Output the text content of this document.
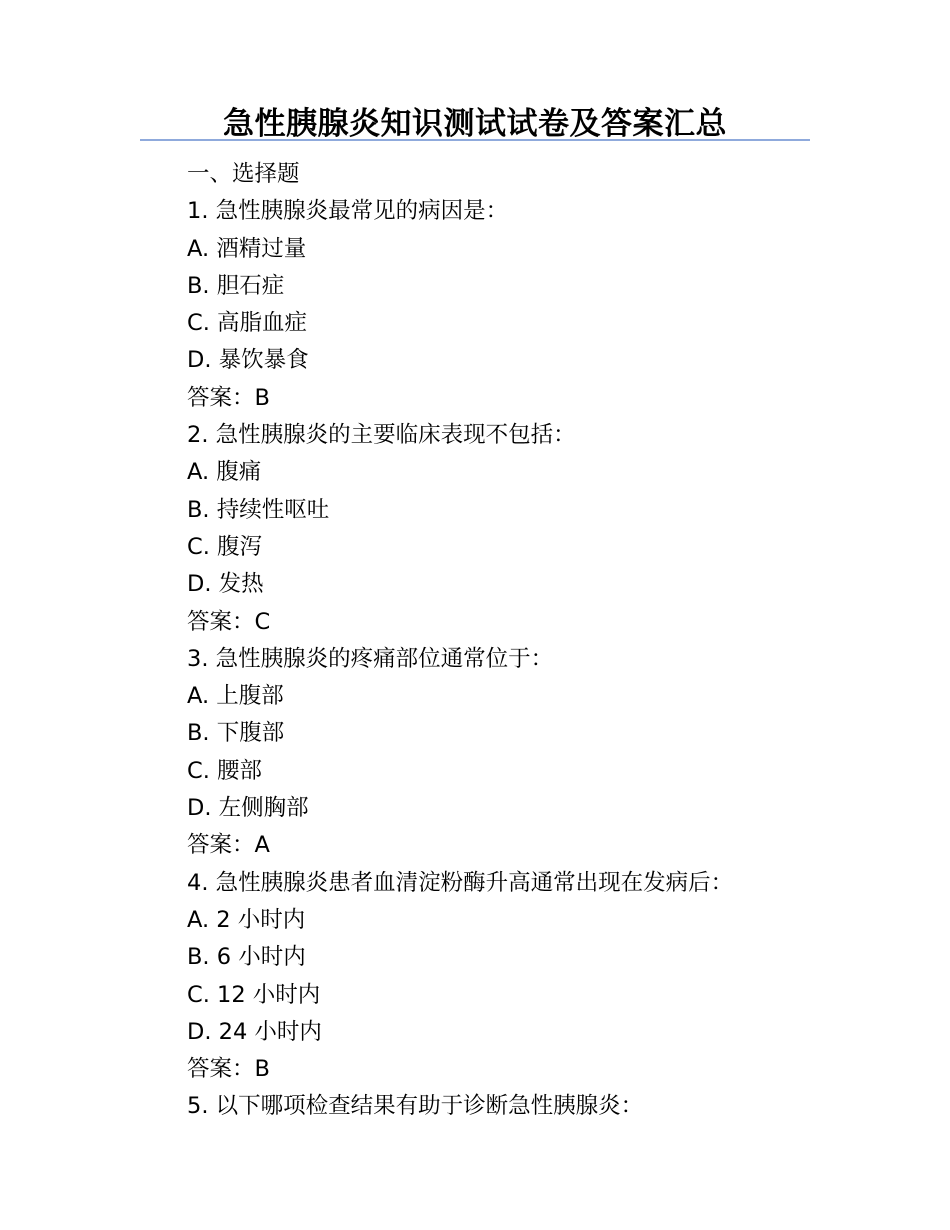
急性胰腺炎知识测试试卷及答案汇总
一、选择题
1. 急性胰腺炎最常见的病因是：
A. 酒精过量
B. 胆石症
C. 高脂血症
D. 暴饮暴食
答案：B
2. 急性胰腺炎的主要临床表现不包括：
A. 腹痛
B. 持续性呕吐
C. 腹泻
D. 发热
答案：C
3. 急性胰腺炎的疼痛部位通常位于：
A. 上腹部
B. 下腹部
C. 腰部
D. 左侧胸部
答案：A
4. 急性胰腺炎患者血清淀粉酶升高通常出现在发病后：
A. 2 小时内
B. 6 小时内
C. 12 小时内
D. 24 小时内
答案：B
5. 以下哪项检查结果有助于诊断急性胰腺炎：
